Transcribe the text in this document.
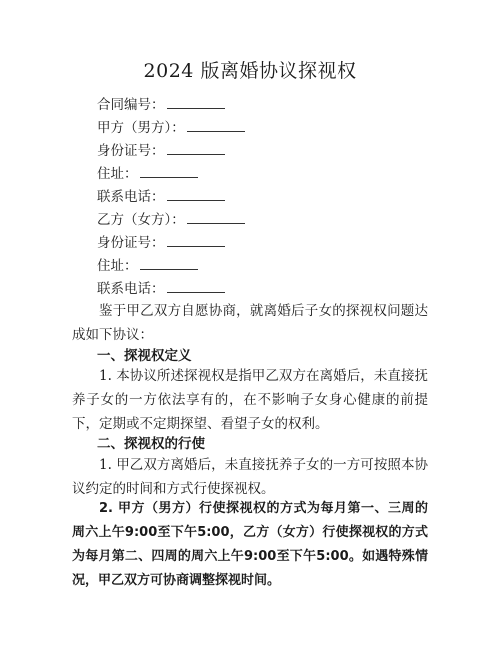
2024 版离婚协议探视权
合同编号：
甲方（男方）：
身份证号：
住址：
联系电话：
乙方（女方）：
身份证号：
住址：
联系电话：

鉴于甲乙双方自愿协商，就离婚后子女的探视权问题达成如下协议：

一、探视权定义

1. 本协议所述探视权是指甲乙双方在离婚后，未直接抚养子女的一方依法享有的，在不影响子女身心健康的前提下，定期或不定期探望、看望子女的权利。

二、探视权的行使

1. 甲乙双方离婚后，未直接抚养子女的一方可按照本协议约定的时间和方式行使探视权。

2. 甲方（男方）行使探视权的方式为每月第一、三周的周六上午9:00至下午5:00，乙方（女方）行使探视权的方式为每月第二、四周的周六上午9:00至下午5:00。如遇特殊情况，甲乙双方可协商调整探视时间。
